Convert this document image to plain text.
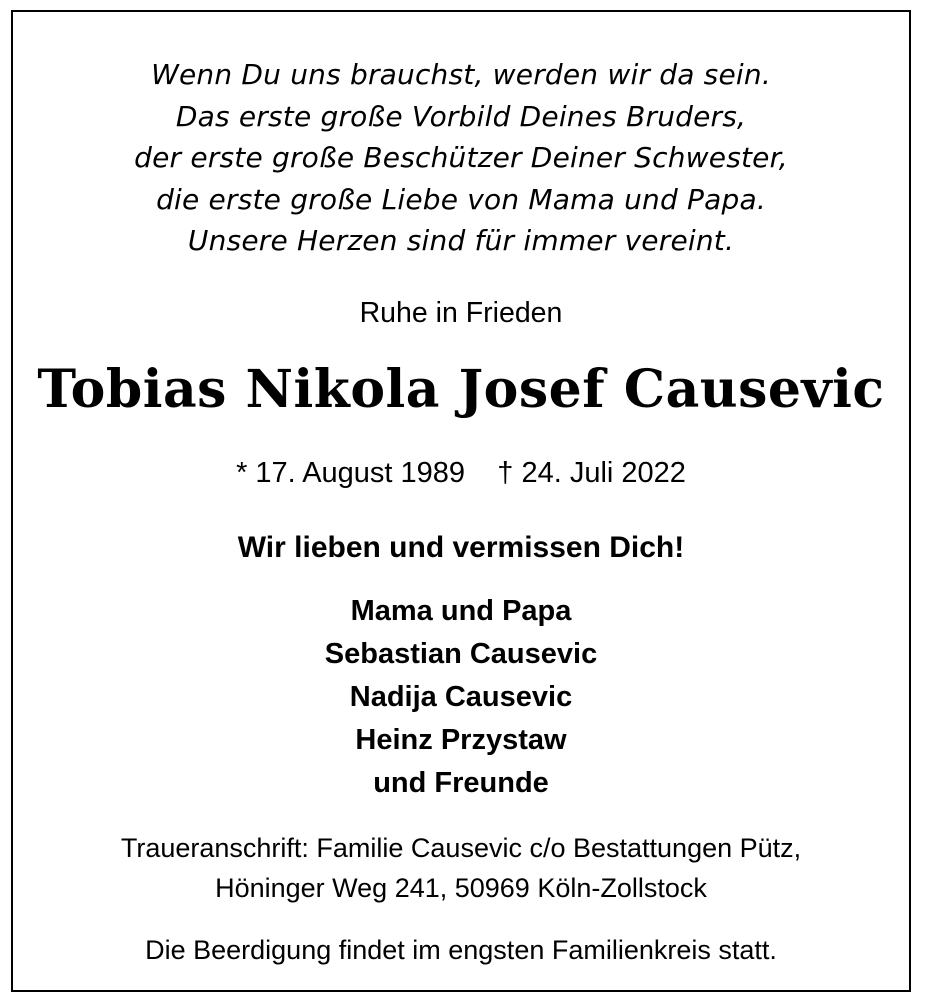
Wenn Du uns brauchst, werden wir da sein.
Das erste große Vorbild Deines Bruders,
der erste große Beschützer Deiner Schwester,
die erste große Liebe von Mama und Papa.
Unsere Herzen sind für immer vereint.
Ruhe in Frieden
Tobias Nikola Josef Causevic
* 17. August 1989    † 24. Juli 2022
Wir lieben und vermissen Dich!
Mama und Papa
Sebastian Causevic
Nadija Causevic
Heinz Przystaw
und Freunde
Traueranschrift: Familie Causevic c/o Bestattungen Pütz,
Höninger Weg 241, 50969 Köln-Zollstock
Die Beerdigung findet im engsten Familienkreis statt.
